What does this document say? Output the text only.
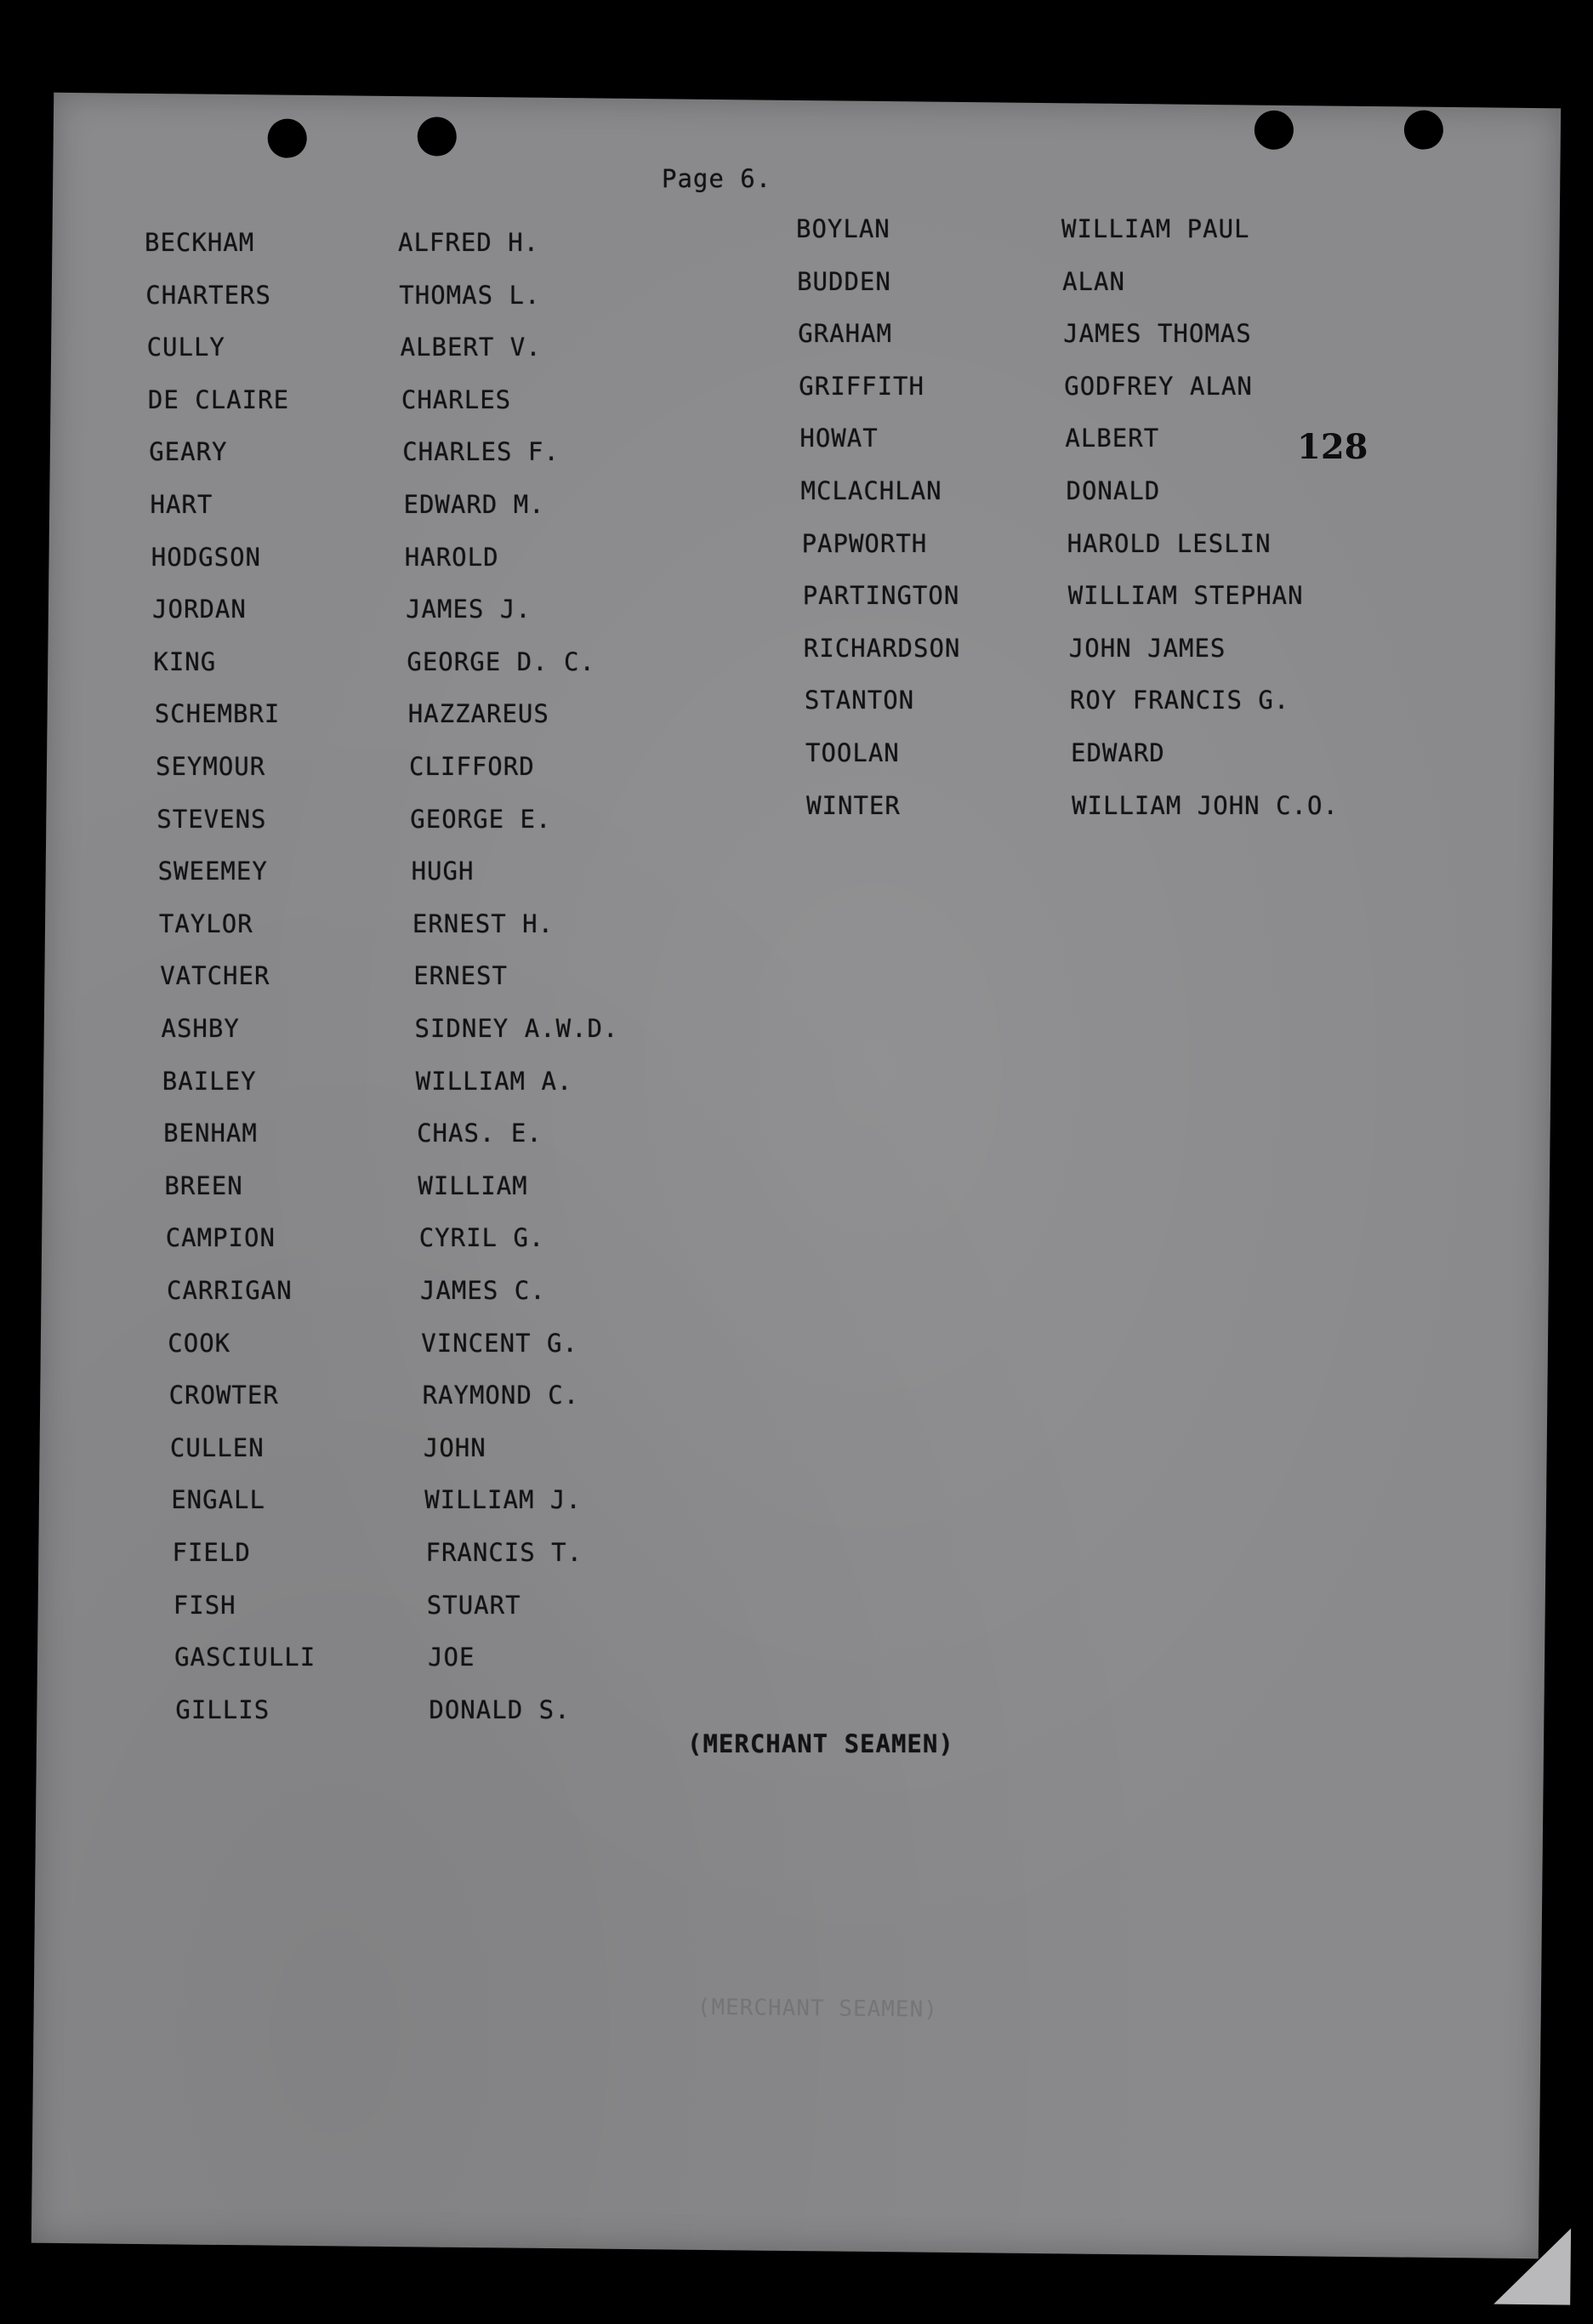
(MERCHANT SEAMEN)
Page 6.
128
BECKHAM	ALFRED H.
CHARTERS	THOMAS L.
CULLY	ALBERT V.
DE CLAIRE	CHARLES
GEARY	CHARLES F.
HART	EDWARD M.
HODGSON	HAROLD
JORDAN	JAMES J.
KING	GEORGE D. C.
SCHEMBRI	HAZZAREUS
SEYMOUR	CLIFFORD
STEVENS	GEORGE E.
SWEEMEY	HUGH
TAYLOR	ERNEST H.
VATCHER	ERNEST
ASHBY	SIDNEY A.W.D.
BAILEY	WILLIAM A.
BENHAM	CHAS. E.
BREEN	WILLIAM
CAMPION	CYRIL G.
CARRIGAN	JAMES C.
COOK	VINCENT G.
CROWTER	RAYMOND C.
CULLEN	JOHN
ENGALL	WILLIAM J.
FIELD	FRANCIS T.
FISH	STUART
GASCIULLI	JOE
GILLIS	DONALD S.
BOYLAN	WILLIAM PAUL
BUDDEN	ALAN
GRAHAM	JAMES THOMAS
GRIFFITH	GODFREY ALAN
HOWAT	ALBERT
MCLACHLAN	DONALD
PAPWORTH	HAROLD LESLIN
PARTINGTON	WILLIAM STEPHAN
RICHARDSON	JOHN JAMES
STANTON	ROY FRANCIS G.
TOOLAN	EDWARD
WINTER	WILLIAM JOHN C.O.
(MERCHANT SEAMEN)
